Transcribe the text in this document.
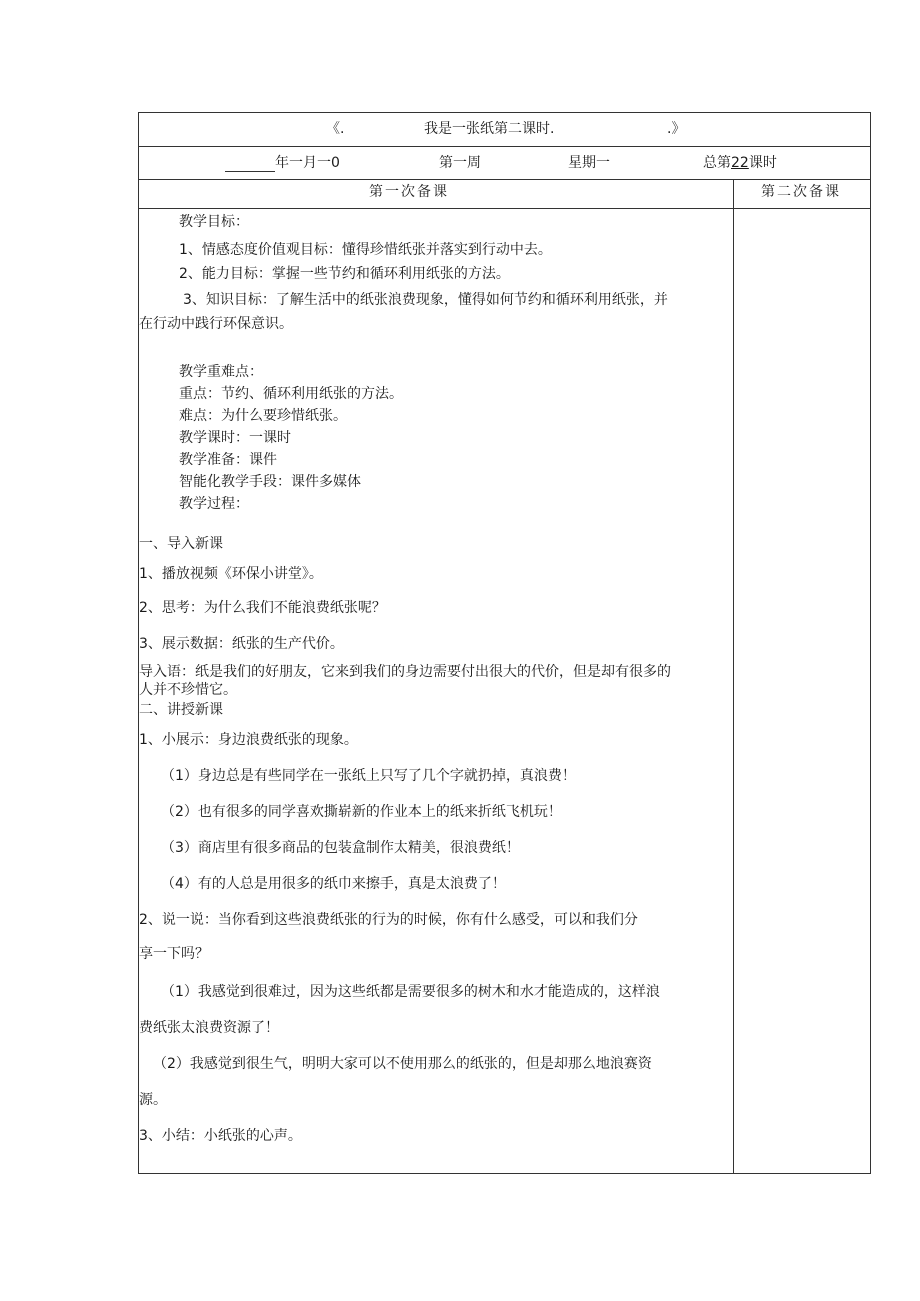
《.	我是一张纸第二课时.	.》
年一月一0	第一周	星期一	总第22课时
第一次备课	第二次备课
教学目标：
1、情感态度价值观目标：懂得珍惜纸张并落实到行动中去。
2、能力目标：掌握一些节约和循环利用纸张的方法。
3、知识目标：了解生活中的纸张浪费现象，懂得如何节约和循环利用纸张，并
在行动中践行环保意识。
教学重难点：
重点：节约、循环利用纸张的方法。
难点：为什么要珍惜纸张。
教学课时：一课时
教学准备：课件
智能化教学手段：课件多媒体
教学过程：
一、导入新课
1、播放视频《环保小讲堂》。
2、思考：为什么我们不能浪费纸张呢？
3、展示数据：纸张的生产代价。
导入语：纸是我们的好朋友，它来到我们的身边需要付出很大的代价，但是却有很多的
人并不珍惜它。
二、讲授新课
1、小展示：身边浪费纸张的现象。
（1）身边总是有些同学在一张纸上只写了几个字就扔掉，真浪费！
（2）也有很多的同学喜欢撕崭新的作业本上的纸来折纸飞机玩！
（3）商店里有很多商品的包装盒制作太精美，很浪费纸！
（4）有的人总是用很多的纸巾来擦手，真是太浪费了！
2、说一说：当你看到这些浪费纸张的行为的时候，你有什么感受，可以和我们分
享一下吗？
（1）我感觉到很难过，因为这些纸都是需要很多的树木和水才能造成的，这样浪
费纸张太浪费资源了！
（2）我感觉到很生气，明明大家可以不使用那么的纸张的，但是却那么地浪赛资
源。
3、小结：小纸张的心声。
